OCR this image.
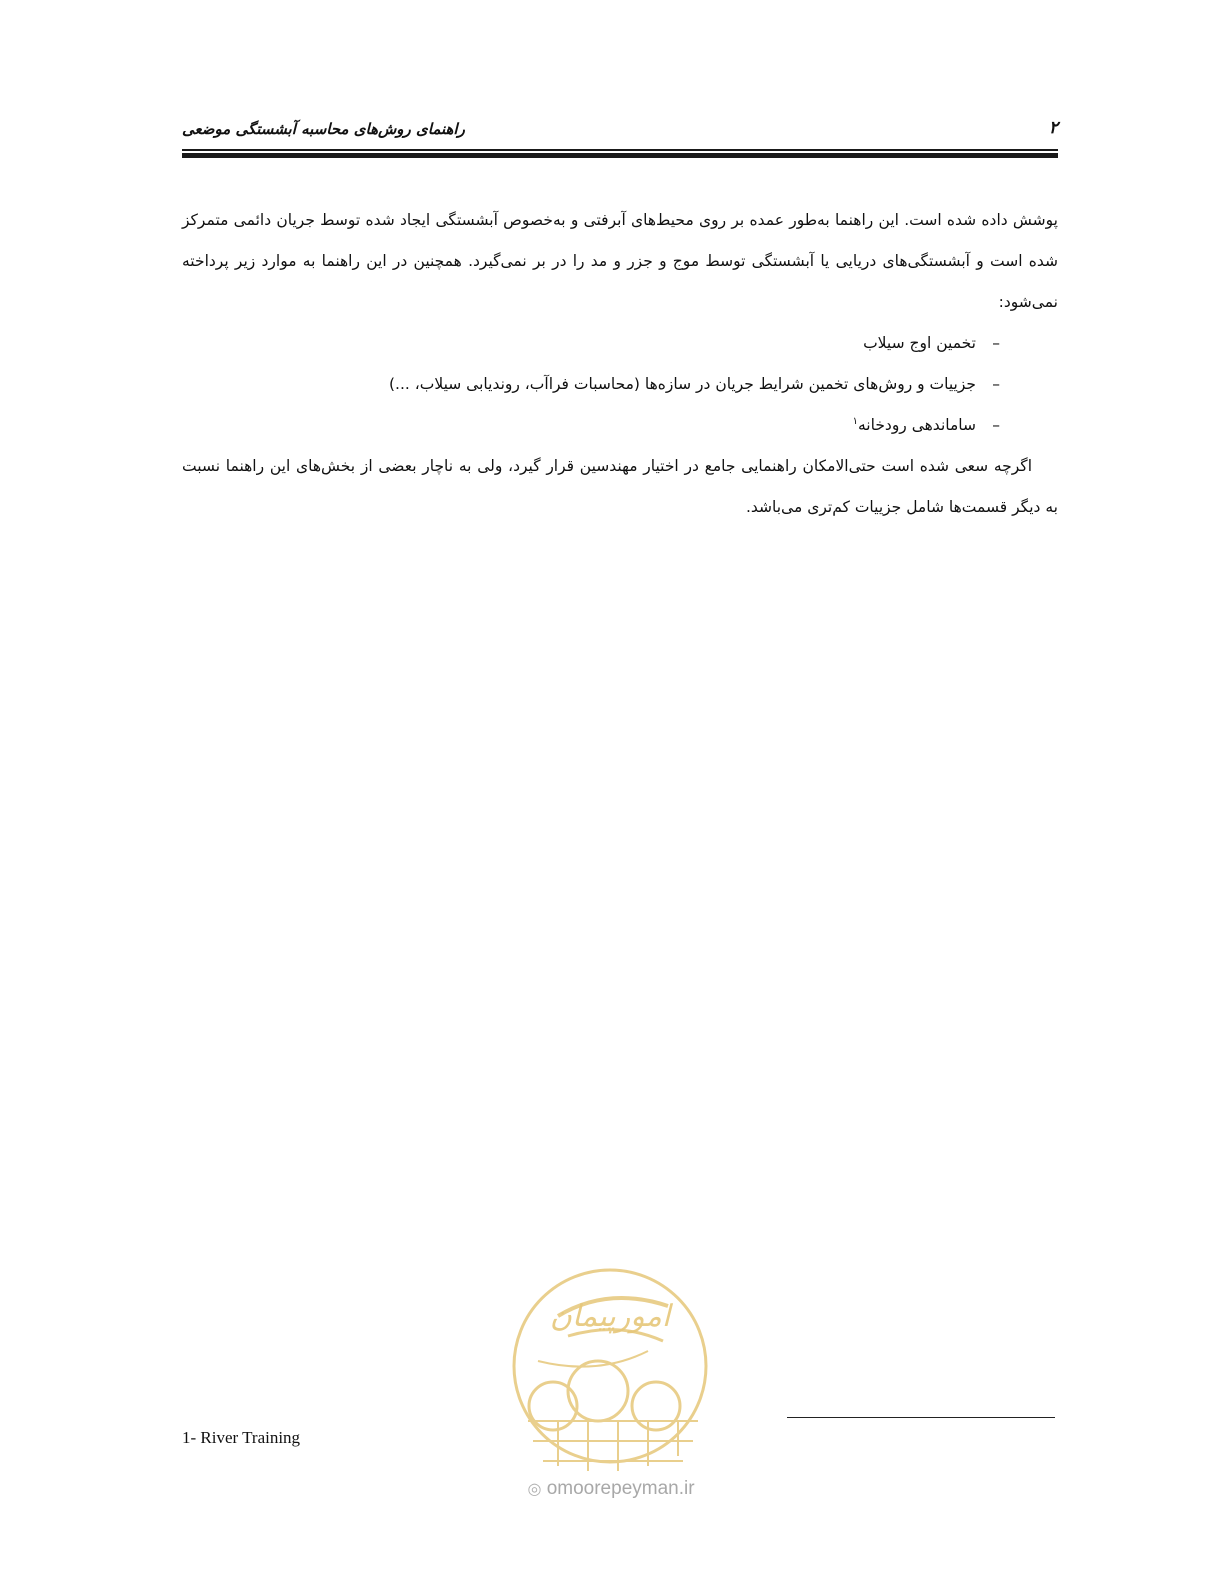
راهنمای روش‌های محاسبه آبشستگی موضعی	۲

پوشش داده شده است. این راهنما به‌طور عمده بر روی محیط‌های آبرفتی و به‌خصوص آبشستگی ایجاد شده توسط جریان دائمی متمرکز شده است و آبشستگی‌های دریایی یا آبشستگی توسط موج و جزر و مد را در بر نمی‌گیرد. همچنین در این راهنما به موارد زیر پرداخته نمی‌شود:

–
تخمین اوج سیلاب
–
جزییات و روش‌های تخمین شرایط جریان در سازه‌ها (محاسبات فراآب، روندیابی سیلاب، ...)
–
ساماندهی رودخانه$^۱$

اگرچه سعی شده است حتی‌الامکان راهنمایی جامع در اختیار مهندسین قرار گیرد، ولی به ناچار بعضی از بخش‌های این راهنما نسبت به دیگر قسمت‌ها شامل جزییات کم‌تری می‌باشد.

امورپیمان
◎ omoorepeyman.ir
1- River Training
